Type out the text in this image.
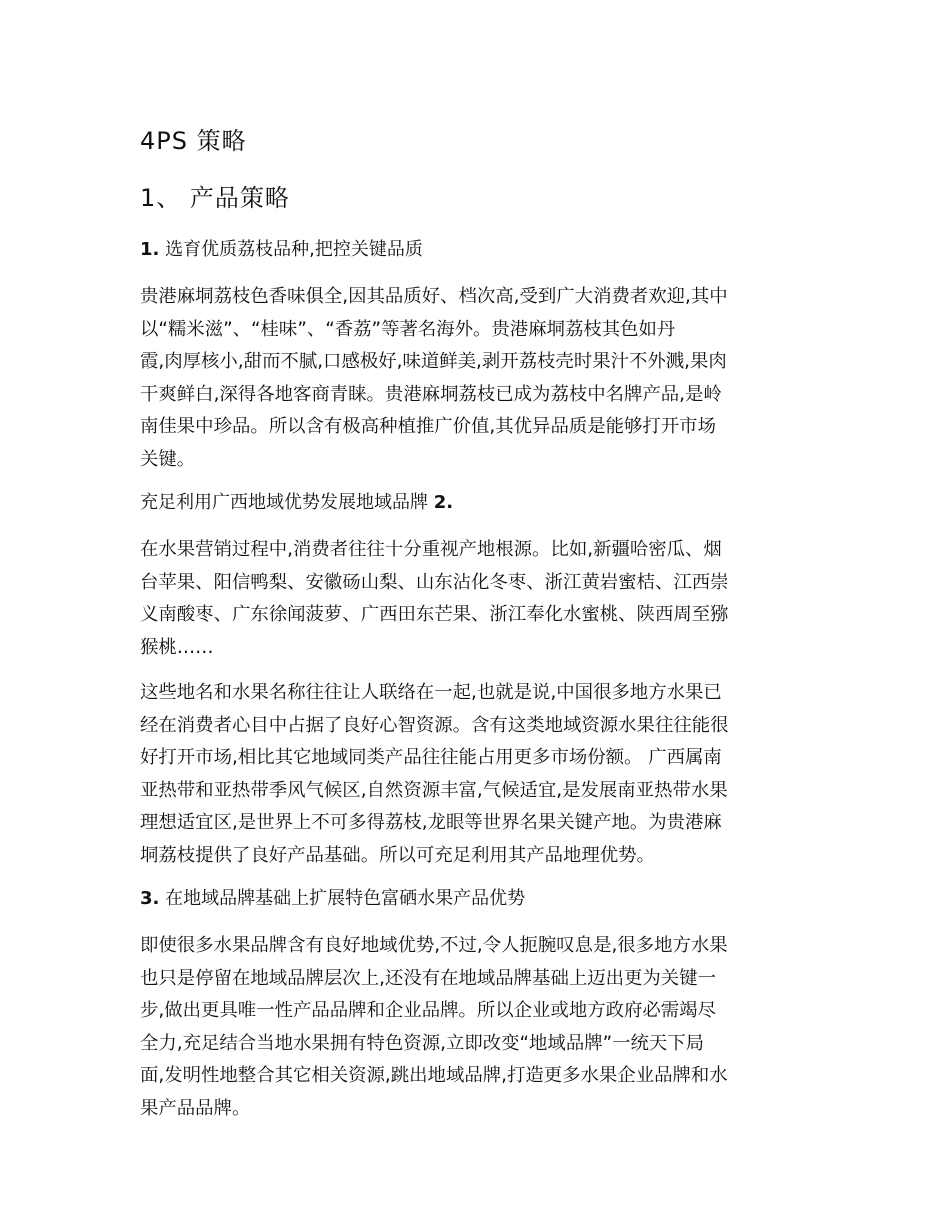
4PS 策略
1、 产品策略
1. 选育优质荔枝品种,把控关键品质
贵港麻垌荔枝色香味俱全,因其品质好、档次高,受到广大消费者欢迎,其中
以“糯米滋”、“桂味”、“香荔”等著名海外。贵港麻垌荔枝其色如丹
霞,肉厚核小,甜而不腻,口感极好,味道鲜美,剥开荔枝壳时果汁不外溅,果肉
干爽鲜白,深得各地客商青睐。贵港麻垌荔枝已成为荔枝中名牌产品,是岭
南佳果中珍品。所以含有极高种植推广价值,其优异品质是能够打开市场
关键。
充足利用广西地域优势发展地域品牌 2.
在水果营销过程中,消费者往往十分重视产地根源。比如,新疆哈密瓜、烟
台苹果、阳信鸭梨、安徽砀山梨、山东沾化冬枣、浙江黄岩蜜桔、江西崇
义南酸枣、广东徐闻菠萝、广西田东芒果、浙江奉化水蜜桃、陕西周至猕
猴桃……
这些地名和水果名称往往让人联络在一起,也就是说,中国很多地方水果已
经在消费者心目中占据了良好心智资源。含有这类地域资源水果往往能很
好打开市场,相比其它地域同类产品往往能占用更多市场份额。 广西属南
亚热带和亚热带季风气候区,自然资源丰富,气候适宜,是发展南亚热带水果
理想适宜区,是世界上不可多得荔枝,龙眼等世界名果关键产地。为贵港麻
垌荔枝提供了良好产品基础。所以可充足利用其产品地理优势。
3. 在地域品牌基础上扩展特色富硒水果产品优势
即使很多水果品牌含有良好地域优势,不过,令人扼腕叹息是,很多地方水果
也只是停留在地域品牌层次上,还没有在地域品牌基础上迈出更为关键一
步,做出更具唯一性产品品牌和企业品牌。所以企业或地方政府必需竭尽
全力,充足结合当地水果拥有特色资源,立即改变“地域品牌”一统天下局
面,发明性地整合其它相关资源,跳出地域品牌,打造更多水果企业品牌和水
果产品品牌。
